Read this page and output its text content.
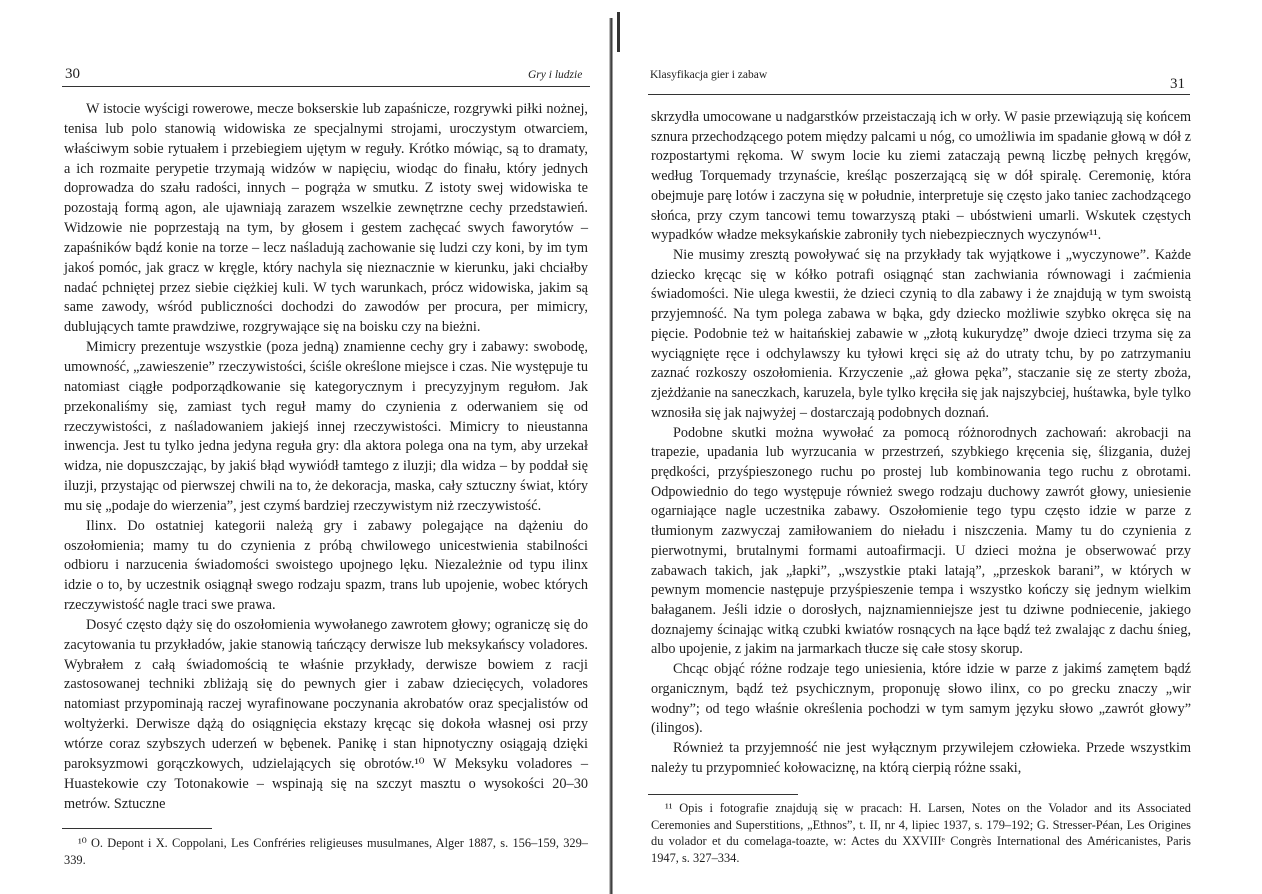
30	Gry i ludzie

W istocie wyścigi rowerowe, mecze bokserskie lub zapaśnicze, rozgrywki piłki nożnej, tenisa lub polo stanowią widowiska ze specjalnymi strojami, uroczystym otwarciem, właściwym sobie rytuałem i przebiegiem ujętym w reguły. Krótko mówiąc, są to dramaty, a ich rozmaite perypetie trzymają widzów w napięciu, wiodąc do finału, który jednych doprowadza do szału radości, innych – pogrąża w smutku. Z istoty swej widowiska te pozostają formą agon, ale ujawniają zarazem wszelkie zewnętrzne cechy przedstawień. Widzowie nie poprzestają na tym, by głosem i gestem zachęcać swych faworytów – zapaśników bądź konie na torze – lecz naśladują zachowanie się ludzi czy koni, by im tym jakoś pomóc, jak gracz w kręgle, który nachyla się nieznacznie w kierunku, jaki chciałby nadać pchniętej przez siebie ciężkiej kuli. W tych warunkach, prócz widowiska, jakim są same zawody, wśród publiczności dochodzi do zawodów per procura, per mimicry, dublujących tamte prawdziwe, rozgrywające się na boisku czy na bieżni.

Mimicry prezentuje wszystkie (poza jedną) znamienne cechy gry i zabawy: swobodę, umowność, „zawieszenie” rzeczywistości, ściśle określone miejsce i czas. Nie występuje tu natomiast ciągłe podporządkowanie się kategorycznym i precyzyjnym regułom. Jak przekonaliśmy się, zamiast tych reguł mamy do czynienia z oderwaniem się od rzeczywistości, z naśladowaniem jakiejś innej rzeczywistości. Mimicry to nieustanna inwencja. Jest tu tylko jedna jedyna reguła gry: dla aktora polega ona na tym, aby urzekał widza, nie dopuszczając, by jakiś błąd wywiódł tamtego z iluzji; dla widza – by poddał się iluzji, przystając od pierwszej chwili na to, że dekoracja, maska, cały sztuczny świat, który mu się „podaje do wierzenia”, jest czymś bardziej rzeczywistym niż rzeczywistość.

Ilinx. Do ostatniej kategorii należą gry i zabawy polegające na dążeniu do oszołomienia; mamy tu do czynienia z próbą chwilowego unicestwienia stabilności odbioru i narzucenia świadomości swoistego upojnego lęku. Niezależnie od typu ilinx idzie o to, by uczestnik osiągnął swego rodzaju spazm, trans lub upojenie, wobec których rzeczywistość nagle traci swe prawa.

Dosyć często dąży się do oszołomienia wywołanego zawrotem głowy; ograniczę się do zacytowania tu przykładów, jakie stanowią tańczący derwisze lub meksykańscy voladores. Wybrałem z całą świadomością te właśnie przykłady, derwisze bowiem z racji zastosowanej techniki zbliżają się do pewnych gier i zabaw dziecięcych, voladores natomiast przypominają raczej wyrafinowane poczynania akrobatów oraz specjalistów od woltyżerki. Derwisze dążą do osiągnięcia ekstazy kręcąc się dokoła własnej osi przy wtórze coraz szybszych uderzeń w bębenek. Panikę i stan hipnotyczny osiągają dzięki paroksyzmowi gorączkowych, udzielających się obrotów.¹⁰ W Meksyku voladores – Huastekowie czy Totonakowie – wspinają się na szczyt masztu o wysokości 20–30 metrów. Sztuczne

¹⁰ O. Depont i X. Coppolani, Les Confréries religieuses musulmanes, Alger 1887, s. 156–159, 329–339.

Klasyfikacja gier i zabaw
31

skrzydła umocowane u nadgarstków przeistaczają ich w orły. W pasie przewiązują się końcem sznura przechodzącego potem między palcami u nóg, co umożliwia im spadanie głową w dół z rozpostartymi rękoma. W swym locie ku ziemi zataczają pewną liczbę pełnych kręgów, według Torquemady trzynaście, kreśląc poszerzającą się w dół spiralę. Ceremonię, która obejmuje parę lotów i zaczyna się w południe, interpretuje się często jako taniec zachodzącego słońca, przy czym tancowi temu towarzyszą ptaki – ubóstwieni umarli. Wskutek częstych wypadków władze meksykańskie zabroniły tych niebezpiecznych wyczynów¹¹.

Nie musimy zresztą powoływać się na przykłady tak wyjątkowe i „wyczynowe”. Każde dziecko kręcąc się w kółko potrafi osiągnąć stan zachwiania równowagi i zaćmienia świadomości. Nie ulega kwestii, że dzieci czynią to dla zabawy i że znajdują w tym swoistą przyjemność. Na tym polega zabawa w bąka, gdy dziecko możliwie szybko okręca się na pięcie. Podobnie też w haitańskiej zabawie w „złotą kukurydzę” dwoje dzieci trzyma się za wyciągnięte ręce i odchylawszy ku tyłowi kręci się aż do utraty tchu, by po zatrzymaniu zaznać rozkoszy oszołomienia. Krzyczenie „aż głowa pęka”, staczanie się ze sterty zboża, zjeżdżanie na saneczkach, karuzela, byle tylko kręciła się jak najszybciej, huśtawka, byle tylko wznosiła się jak najwyżej – dostarczają podobnych doznań.

Podobne skutki można wywołać za pomocą różnorodnych zachowań: akrobacji na trapezie, upadania lub wyrzucania w przestrzeń, szybkiego kręcenia się, ślizgania, dużej prędkości, przyśpieszonego ruchu po prostej lub kombinowania tego ruchu z obrotami. Odpowiednio do tego występuje również swego rodzaju duchowy zawrót głowy, uniesienie ogarniające nagle uczestnika zabawy. Oszołomienie tego typu często idzie w parze z tłumionym zazwyczaj zamiłowaniem do nieładu i niszczenia. Mamy tu do czynienia z pierwotnymi, brutalnymi formami autoafirmacji. U dzieci można je obserwować przy zabawach takich, jak „łapki”, „wszystkie ptaki latają”, „przeskok barani”, w których w pewnym momencie następuje przyśpieszenie tempa i wszystko kończy się jednym wielkim bałaganem. Jeśli idzie o dorosłych, najznamienniejsze jest tu dziwne podniecenie, jakiego doznajemy ścinając witką czubki kwiatów rosnących na łące bądź też zwalając z dachu śnieg, albo upojenie, z jakim na jarmarkach tłucze się całe stosy skorup.

Chcąc objąć różne rodzaje tego uniesienia, które idzie w parze z jakimś zamętem bądź organicznym, bądź też psychicznym, proponuję słowo ilinx, co po grecku znaczy „wir wodny”; od tego właśnie określenia pochodzi w tym samym języku słowo „zawrót głowy” (ilingos).

Również ta przyjemność nie jest wyłącznym przywilejem człowieka. Przede wszystkim należy tu przypomnieć kołowaciznę, na którą cierpią różne ssaki,

¹¹ Opis i fotografie znajdują się w pracach: H. Larsen, Notes on the Volador and its Associated Ceremonies and Superstitions, „Ethnos”, t. II, nr 4, lipiec 1937, s. 179–192; G. Stresser-Péan, Les Origines du volador et du comelaga-toazte, w: Actes du XXVIIIᵉ Congrès International des Américanistes, Paris 1947, s. 327–334.
